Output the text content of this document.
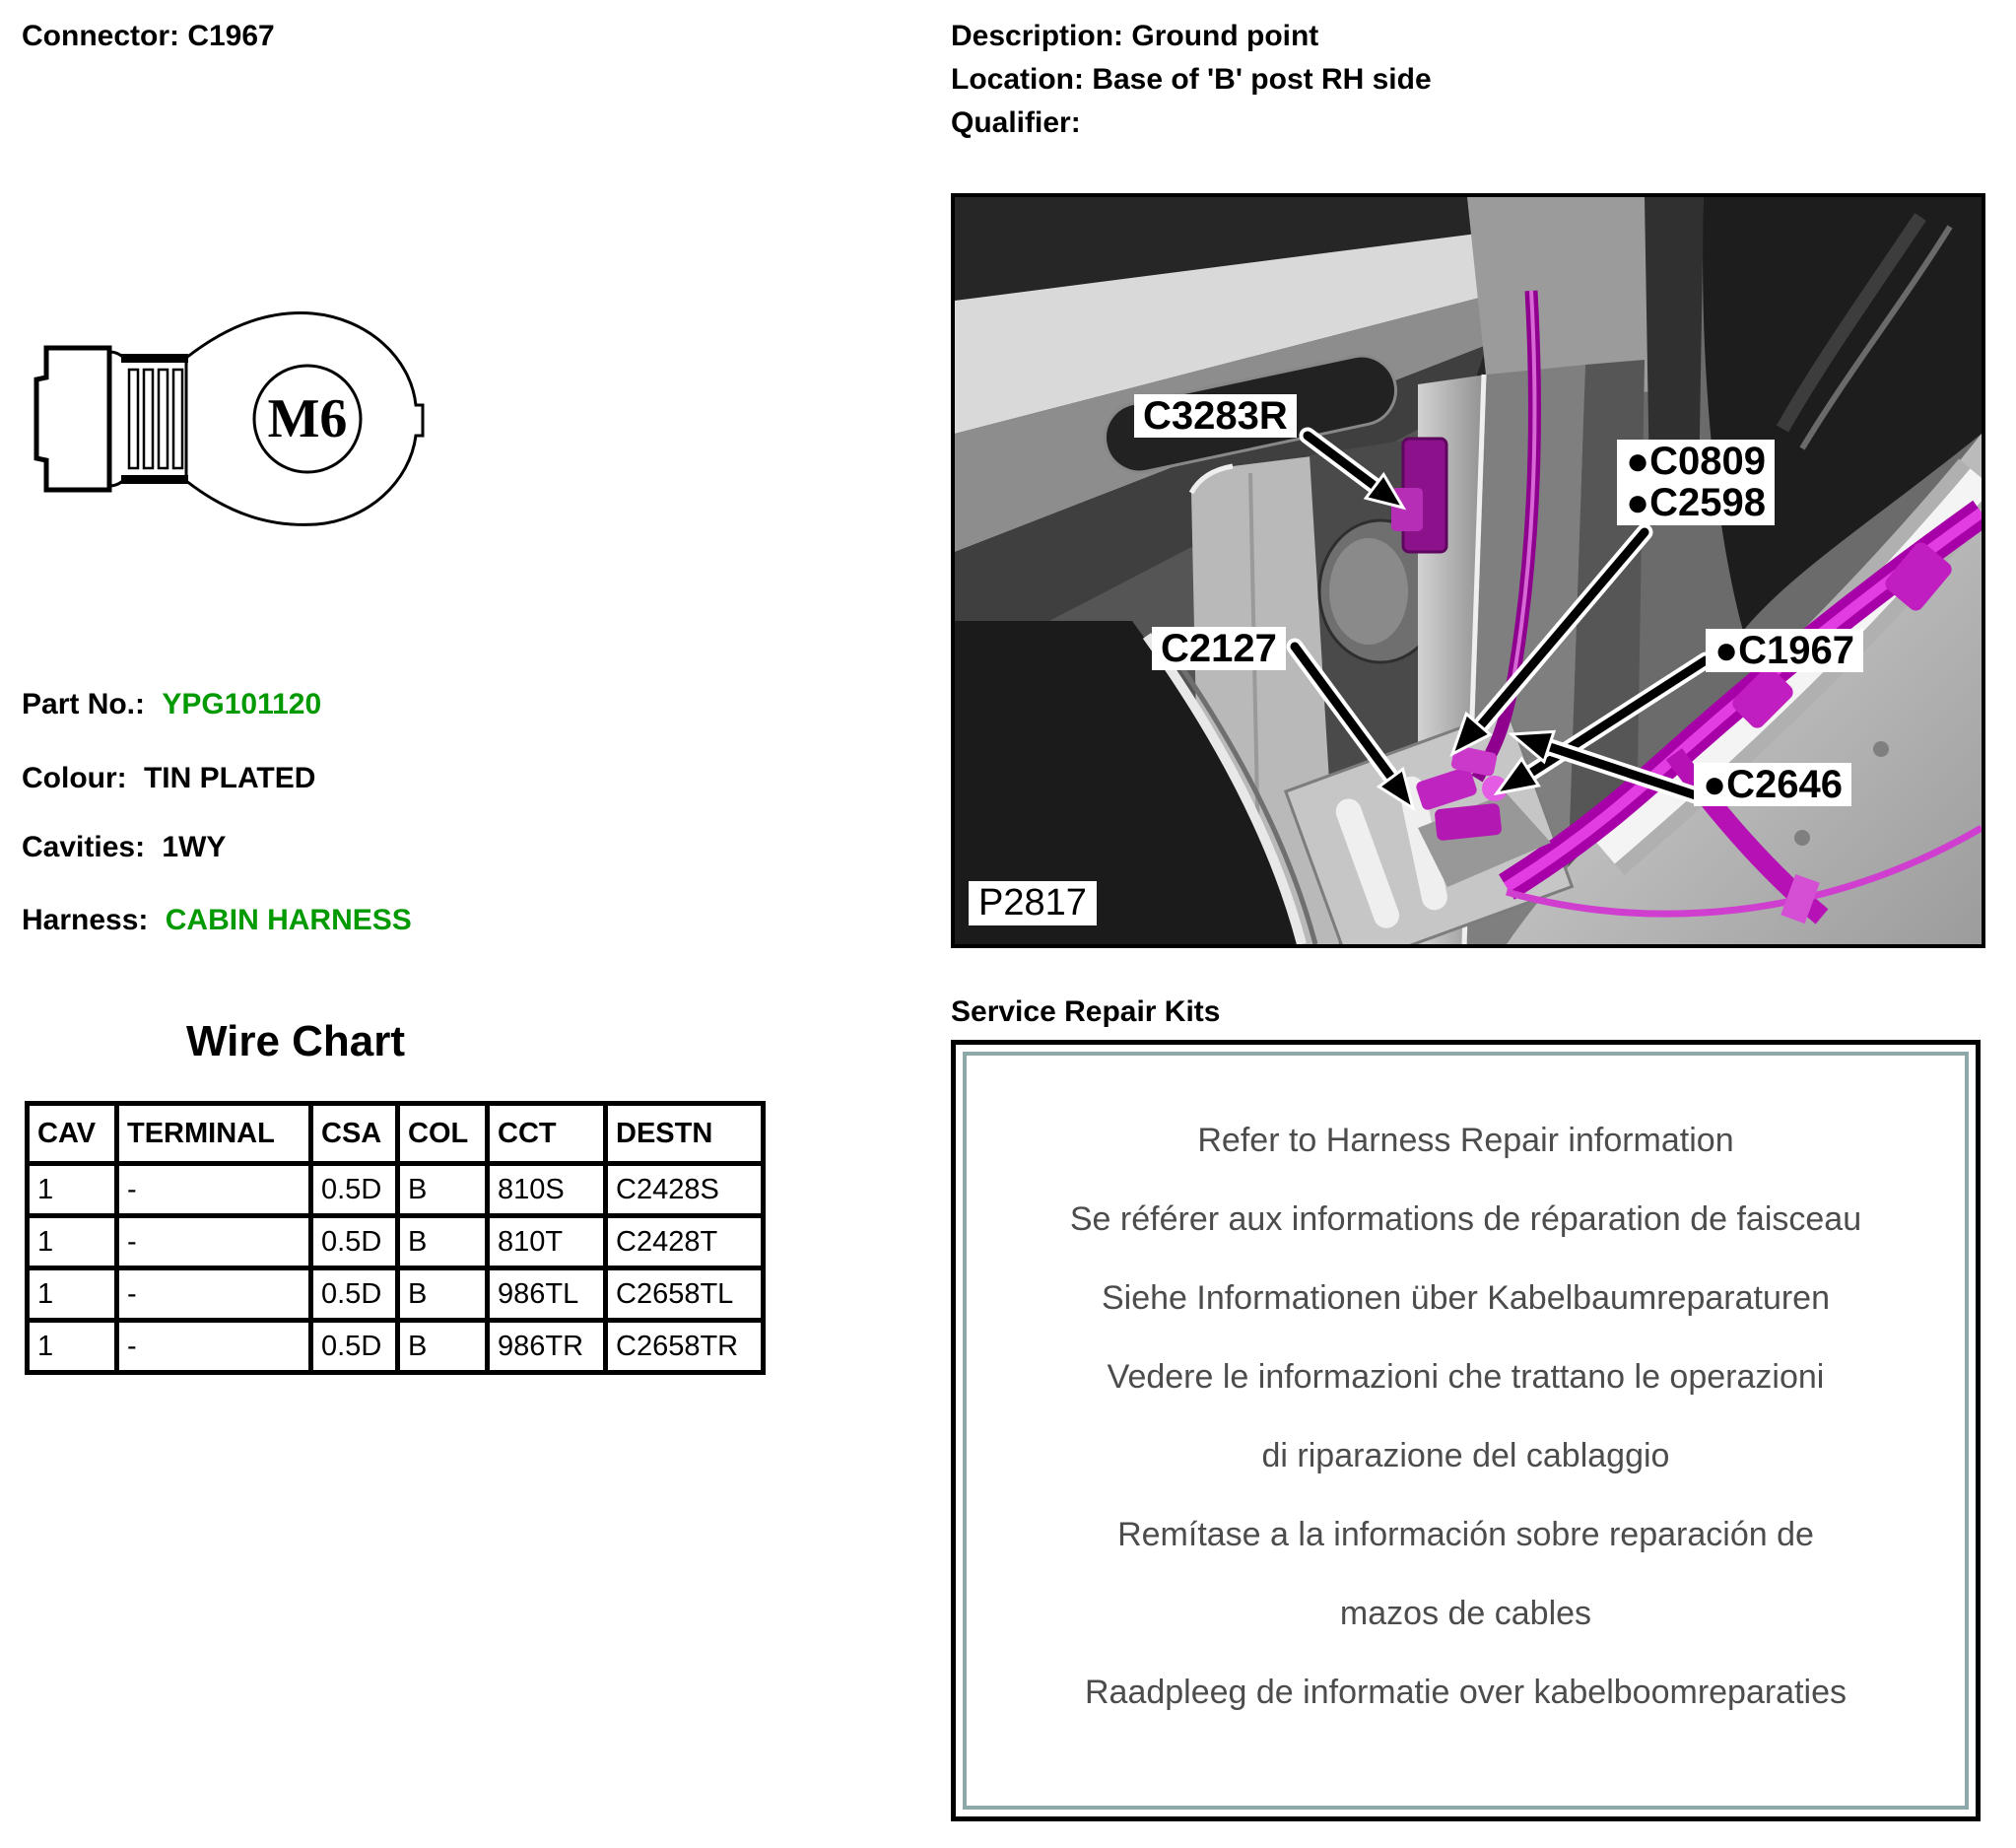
Connector: C1967
M6
Part No.: YPG101120
Colour: TIN PLATED
Cavities: 1WY
Harness: CABIN HARNESS
Wire Chart
CAV	TERMINAL	CSA	COL	CCT	DESTN
1	-	0.5D	B	810S	C2428S
1	-	0.5D	B	810T	C2428T
1	-	0.5D	B	986TL	C2658TL
1	-	0.5D	B	986TR	C2658TR
Description: Ground point
Location: Base of 'B' post RH side
Qualifier:
C3283R
●C0809
●C2598
C2127	●C1967
●C2646
P2817
Service Repair Kits
Refer to Harness Repair information
Se référer aux informations de réparation de faisceau
Siehe Informationen über Kabelbaumreparaturen
Vedere le informazioni che trattano le operazioni
di riparazione del cablaggio
Remítase a la información sobre reparación de
mazos de cables
Raadpleeg de informatie over kabelboomreparaties
